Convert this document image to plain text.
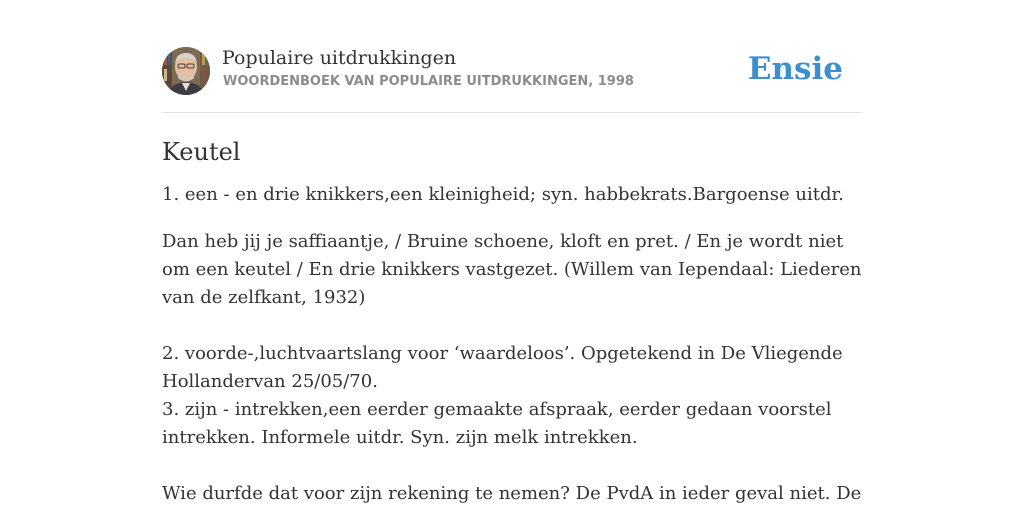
Populaire uitdrukkingen
WOORDENBOEK VAN POPULAIRE UITDRUKKINGEN, 1998	Ensie
Keutel

1. een - en drie knikkers,een kleinigheid; syn. habbekrats.Bargoense uitdr.

Dan heb jij je saffiaantje, / Bruine schoene, kloft en pret. / En je wordt niet om een keutel / En drie knikkers vastgezet. (Willem van Iependaal: Liederen van de zelfkant, 1932)

2. voorde-,luchtvaartslang voor ‘waardeloos’. Opgetekend in De Vliegende Hollandervan 25/05/70.

3. zijn - intrekken,een eerder gemaakte afspraak, eerder gedaan voorstel intrekken. Informele uitdr. Syn. zijn melk intrekken.

Wie durfde dat voor zijn rekening te nemen? De PvdA in ieder geval niet. De
